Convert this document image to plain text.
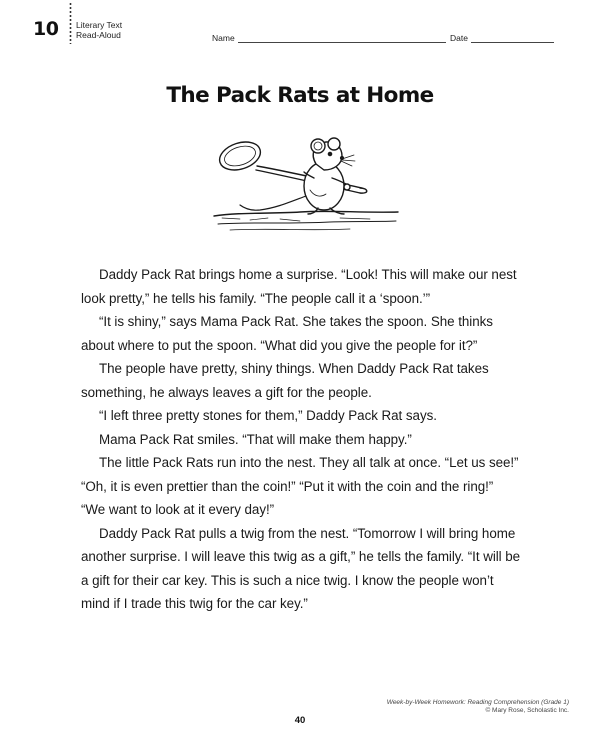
10 Literary Text
Read-Aloud	Name	Date
The Pack Rats at Home

Daddy Pack Rat brings home a surprise. “Look! This will make our nest look pretty,” he tells his family. “The people call it a ‘spoon.’”

“It is shiny,” says Mama Pack Rat. She takes the spoon. She thinks about where to put the spoon. “What did you give the people for it?”

The people have pretty, shiny things. When Daddy Pack Rat takes something, he always leaves a gift for the people.

“I left three pretty stones for them,” Daddy Pack Rat says.

Mama Pack Rat smiles. “That will make them happy.”

The little Pack Rats run into the nest. They all talk at once. “Let us see!” “Oh, it is even prettier than the coin!” “Put it with the coin and the ring!” “We want to look at it every day!”

Daddy Pack Rat pulls a twig from the nest. “Tomorrow I will bring home another surprise. I will leave this twig as a gift,” he tells the family. “It will be a gift for their car key. This is such a nice twig. I know the people won’t mind if I trade this twig for the car key.”

Week-by-Week Homework: Reading Comprehension (Grade 1)
© Mary Rose, Scholastic Inc.
40
